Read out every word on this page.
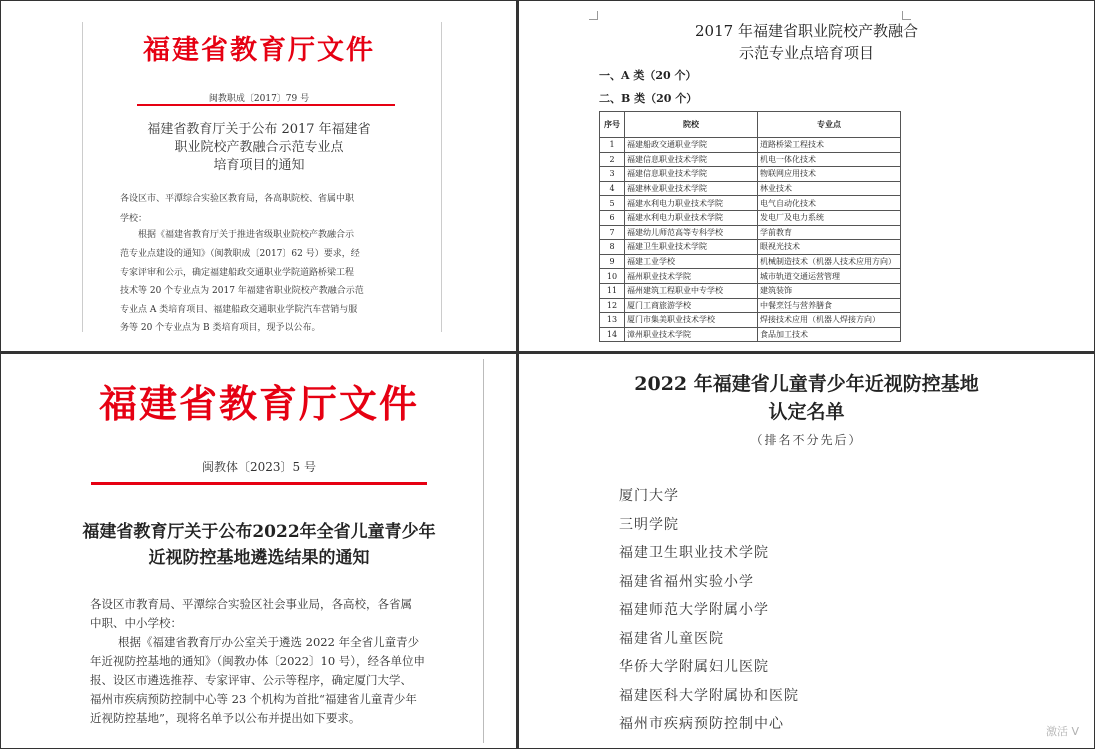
福建省教育厅文件
闽教职成〔2017〕79 号
福建省教育厅关于公布 2017 年福建省
职业院校产教融合示范专业点
培育项目的通知
各设区市、平潭综合实验区教育局，各高职院校、省属中职
学校：
根据《福建省教育厅关于推进省级职业院校产教融合示
范专业点建设的通知》（闽教职成〔2017〕62 号）要求，经
专家评审和公示，确定福建船政交通职业学院道路桥梁工程
技术等 20 个专业点为 2017 年福建省职业院校产教融合示范
专业点 A 类培育项目、福建船政交通职业学院汽车营销与服
务等 20 个专业点为 B 类培育项目，现予以公布。
2017 年福建省职业院校产教融合
示范专业点培育项目
一、A 类（20 个）
二、B 类（20 个）
序号	院校	专业点
1	福建船政交通职业学院	道路桥梁工程技术
2	福建信息职业技术学院	机电一体化技术
3	福建信息职业技术学院	物联网应用技术
4	福建林业职业技术学院	林业技术
5	福建水利电力职业技术学院	电气自动化技术
6	福建水利电力职业技术学院	发电厂及电力系统
7	福建幼儿师范高等专科学校	学前教育
8	福建卫生职业技术学院	眼视光技术
9	福建工业学校	机械制造技术（机器人技术应用方向）
10	福州职业技术学院	城市轨道交通运营管理
11	福州建筑工程职业中专学校	建筑装饰
12	厦门工商旅游学校	中餐烹饪与营养膳食
13	厦门市集美职业技术学校	焊接技术应用（机器人焊接方向）
14	漳州职业技术学院	食品加工技术
福建省教育厅文件
闽教体〔2023〕5 号
福建省教育厅关于公布2022年全省儿童青少年
近视防控基地遴选结果的通知
各设区市教育局、平潭综合实验区社会事业局，各高校，各省属
中职、中小学校：
根据《福建省教育厅办公室关于遴选 2022 年全省儿童青少
年近视防控基地的通知》（闽教办体〔2022〕10 号），经各单位申
报、设区市遴选推荐、专家评审、公示等程序，确定厦门大学、
福州市疾病预防控制中心等 23 个机构为首批“福建省儿童青少年
近视防控基地”，现将名单予以公布并提出如下要求。
2022 年福建省儿童青少年近视防控基地
认定名单
（排名不分先后）
厦门大学
三明学院
福建卫生职业技术学院
福建省福州实验小学
福建师范大学附属小学
福建省儿童医院
华侨大学附属妇儿医院
福建医科大学附属协和医院
福州市疾病预防控制中心	激活 V
